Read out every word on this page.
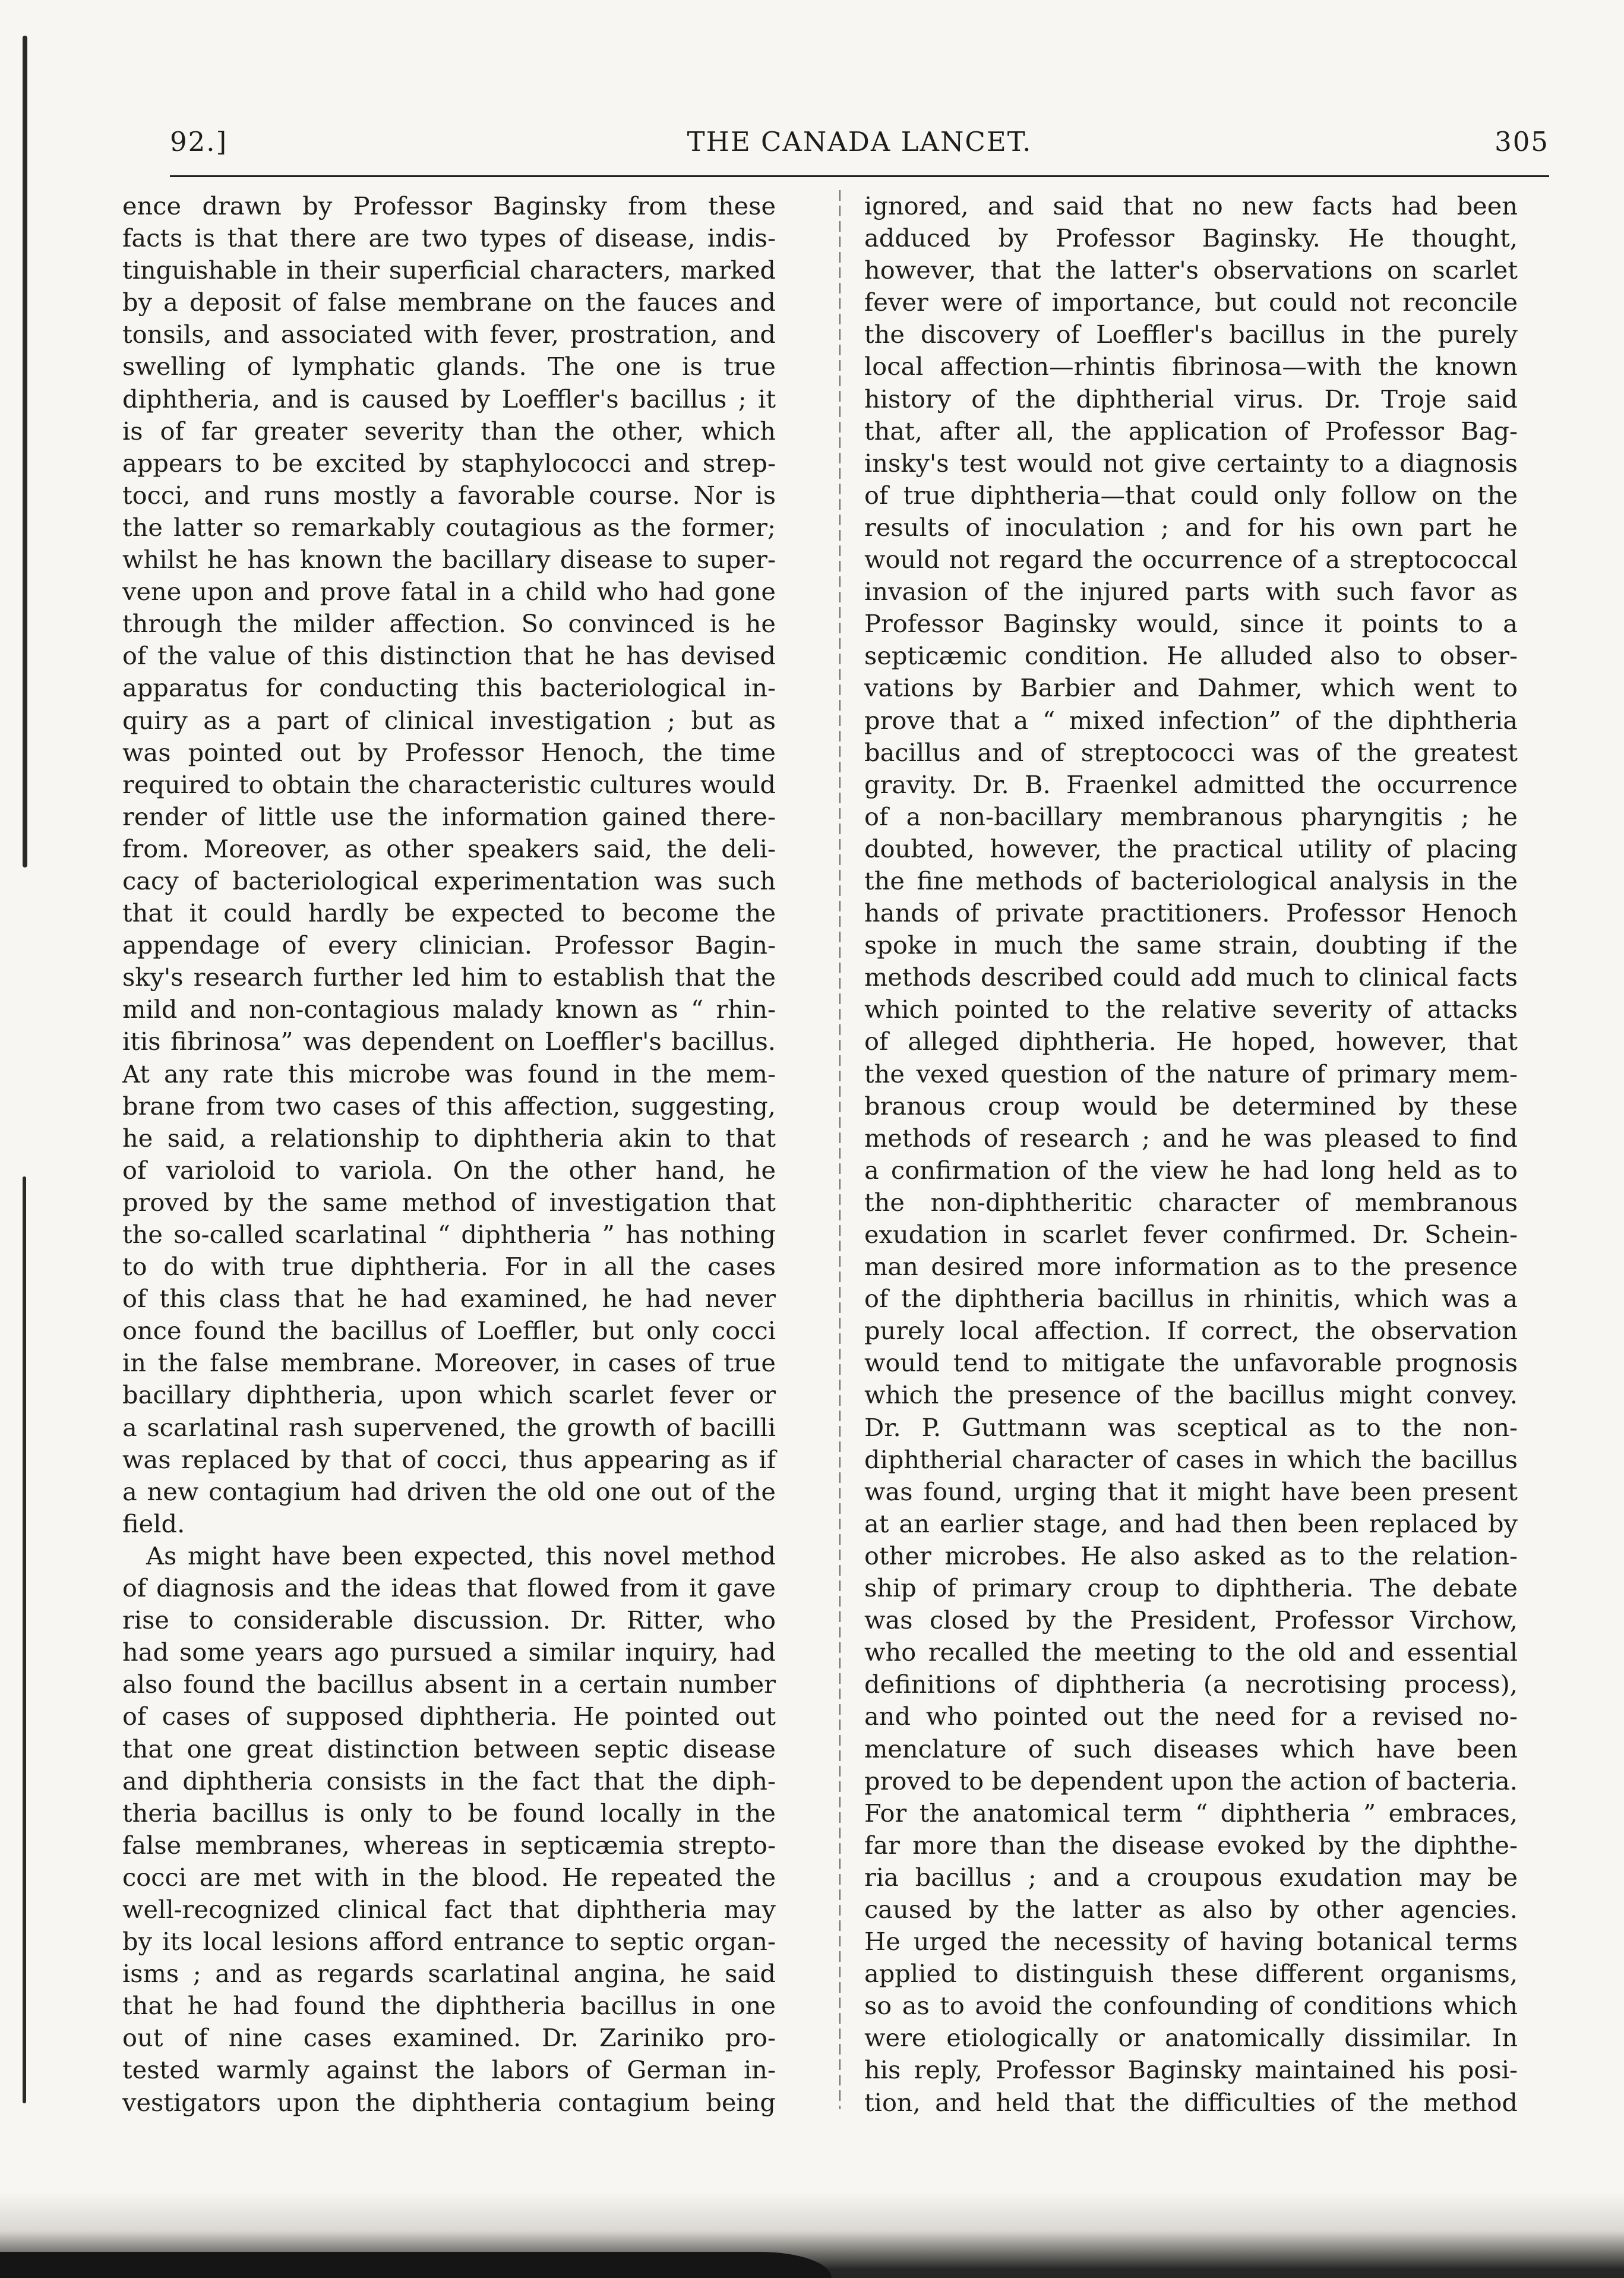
92.]	THE CANADA LANCET.	305
ence drawn by Professor Baginsky from these
facts is that there are two types of disease, indis-
tinguishable in their superficial characters, marked
by a deposit of false membrane on the fauces and
tonsils, and associated with fever, prostration, and
swelling of lymphatic glands. The one is true
diphtheria, and is caused by Loeffler's bacillus ; it
is of far greater severity than the other, which
appears to be excited by staphylococci and strep-
tocci, and runs mostly a favorable course. Nor is
the latter so remarkably coutagious as the former;
whilst he has known the bacillary disease to super-
vene upon and prove fatal in a child who had gone
through the milder affection. So convinced is he
of the value of this distinction that he has devised
apparatus for conducting this bacteriological in-
quiry as a part of clinical investigation ; but as
was pointed out by Professor Henoch, the time
required to obtain the characteristic cultures would
render of little use the information gained there-
from. Moreover, as other speakers said, the deli-
cacy of bacteriological experimentation was such
that it could hardly be expected to become the
appendage of every clinician. Professor Bagin-
sky's research further led him to establish that the
mild and non-contagious malady known as “ rhin-
itis fibrinosa” was dependent on Loeffler's bacillus.
At any rate this microbe was found in the mem-
brane from two cases of this affection, suggesting,
he said, a relationship to diphtheria akin to that
of varioloid to variola. On the other hand, he
proved by the same method of investigation that
the so-called scarlatinal “ diphtheria ” has nothing
to do with true diphtheria. For in all the cases
of this class that he had examined, he had never
once found the bacillus of Loeffler, but only cocci
in the false membrane. Moreover, in cases of true
bacillary diphtheria, upon which scarlet fever or
a scarlatinal rash supervened, the growth of bacilli
was replaced by that of cocci, thus appearing as if
a new contagium had driven the old one out of the
field.
As might have been expected, this novel method
of diagnosis and the ideas that flowed from it gave
rise to considerable discussion. Dr. Ritter, who
had some years ago pursued a similar inquiry, had
also found the bacillus absent in a certain number
of cases of supposed diphtheria. He pointed out
that one great distinction between septic disease
and diphtheria consists in the fact that the diph-
theria bacillus is only to be found locally in the
false membranes, whereas in septicæmia strepto-
cocci are met with in the blood. He repeated the
well-recognized clinical fact that diphtheria may
by its local lesions afford entrance to septic organ-
isms ; and as regards scarlatinal angina, he said
that he had found the diphtheria bacillus in one
out of nine cases examined. Dr. Zariniko pro-
tested warmly against the labors of German in-
vestigators upon the diphtheria contagium being
ignored, and said that no new facts had been
adduced by Professor Baginsky. He thought,
however, that the latter's observations on scarlet
fever were of importance, but could not reconcile
the discovery of Loeffler's bacillus in the purely
local affection—rhintis fibrinosa—with the known
history of the diphtherial virus. Dr. Troje said
that, after all, the application of Professor Bag-
insky's test would not give certainty to a diagnosis
of true diphtheria—that could only follow on the
results of inoculation ; and for his own part he
would not regard the occurrence of a streptococcal
invasion of the injured parts with such favor as
Professor Baginsky would, since it points to a
septicæmic condition. He alluded also to obser-
vations by Barbier and Dahmer, which went to
prove that a “ mixed infection” of the diphtheria
bacillus and of streptococci was of the greatest
gravity. Dr. B. Fraenkel admitted the occurrence
of a non-bacillary membranous pharyngitis ; he
doubted, however, the practical utility of placing
the fine methods of bacteriological analysis in the
hands of private practitioners. Professor Henoch
spoke in much the same strain, doubting if the
methods described could add much to clinical facts
which pointed to the relative severity of attacks
of alleged diphtheria. He hoped, however, that
the vexed question of the nature of primary mem-
branous croup would be determined by these
methods of research ; and he was pleased to find
a confirmation of the view he had long held as to
the non-diphtheritic character of membranous
exudation in scarlet fever confirmed. Dr. Schein-
man desired more information as to the presence
of the diphtheria bacillus in rhinitis, which was a
purely local affection. If correct, the observation
would tend to mitigate the unfavorable prognosis
which the presence of the bacillus might convey.
Dr. P. Guttmann was sceptical as to the non-
diphtherial character of cases in which the bacillus
was found, urging that it might have been present
at an earlier stage, and had then been replaced by
other microbes. He also asked as to the relation-
ship of primary croup to diphtheria. The debate
was closed by the President, Professor Virchow,
who recalled the meeting to the old and essential
definitions of diphtheria (a necrotising process),
and who pointed out the need for a revised no-
menclature of such diseases which have been
proved to be dependent upon the action of bacteria.
For the anatomical term “ diphtheria ” embraces,
far more than the disease evoked by the diphthe-
ria bacillus ; and a croupous exudation may be
caused by the latter as also by other agencies.
He urged the necessity of having botanical terms
applied to distinguish these different organisms,
so as to avoid the confounding of conditions which
were etiologically or anatomically dissimilar. In
his reply, Professor Baginsky maintained his posi-
tion, and held that the difficulties of the method
